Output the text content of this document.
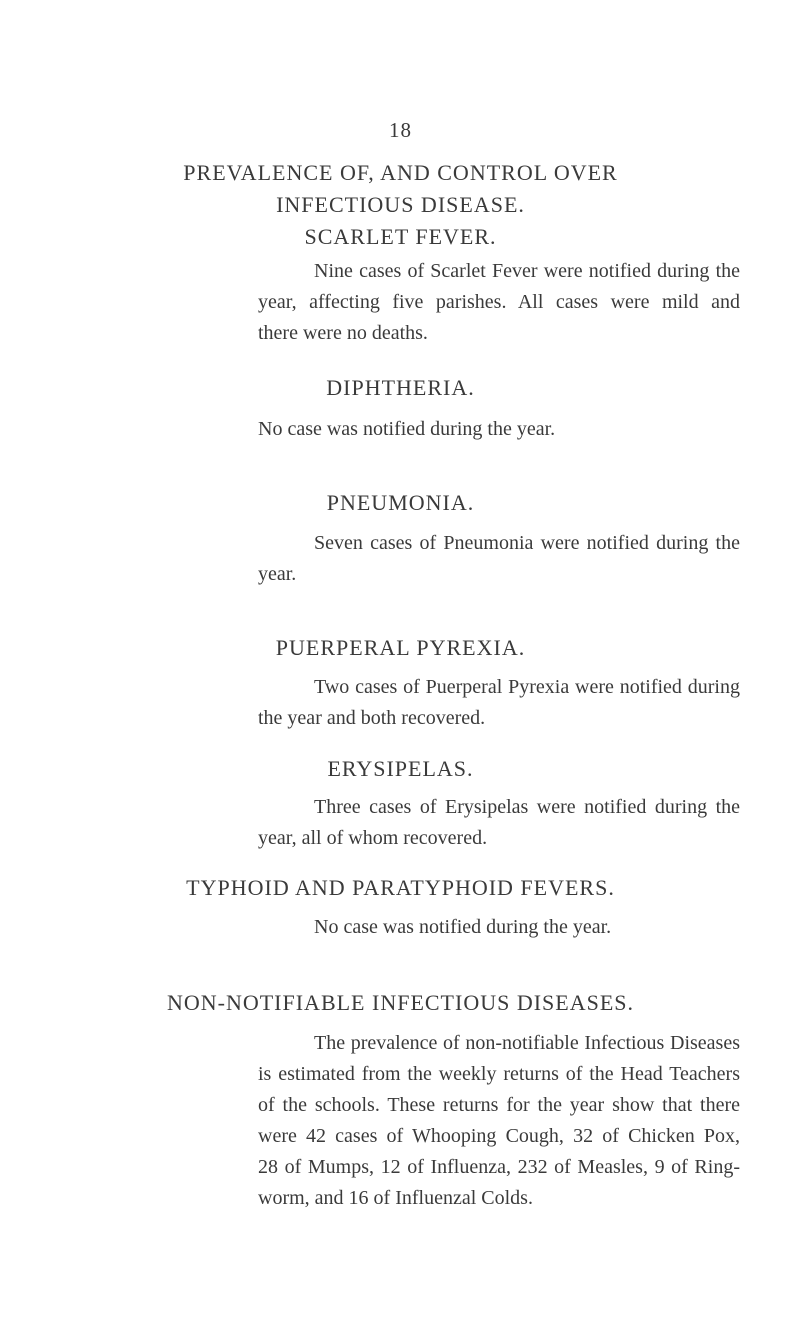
18
PREVALENCE OF, AND CONTROL OVER
INFECTIOUS DISEASE.
SCARLET FEVER.
Nine cases of Scarlet Fever were notified during the
year, affecting five parishes. All cases were mild and
there were no deaths.
DIPHTHERIA.
No case was notified during the year.
PNEUMONIA.
Seven cases of Pneumonia were notified during the
year.
PUERPERAL PYREXIA.
Two cases of Puerperal Pyrexia were notified during
the year and both recovered.
ERYSIPELAS.
Three cases of Erysipelas were notified during the
year, all of whom recovered.
TYPHOID AND PARATYPHOID FEVERS.
No case was notified during the year.
NON-NOTIFIABLE INFECTIOUS DISEASES.
The prevalence of non-notifiable Infectious Diseases
is estimated from the weekly returns of the Head Teachers
of the schools. These returns for the year show that there
were 42 cases of Whooping Cough, 32 of Chicken Pox,
28 of Mumps, 12 of Influenza, 232 of Measles, 9 of Ring-
worm, and 16 of Influenzal Colds.
